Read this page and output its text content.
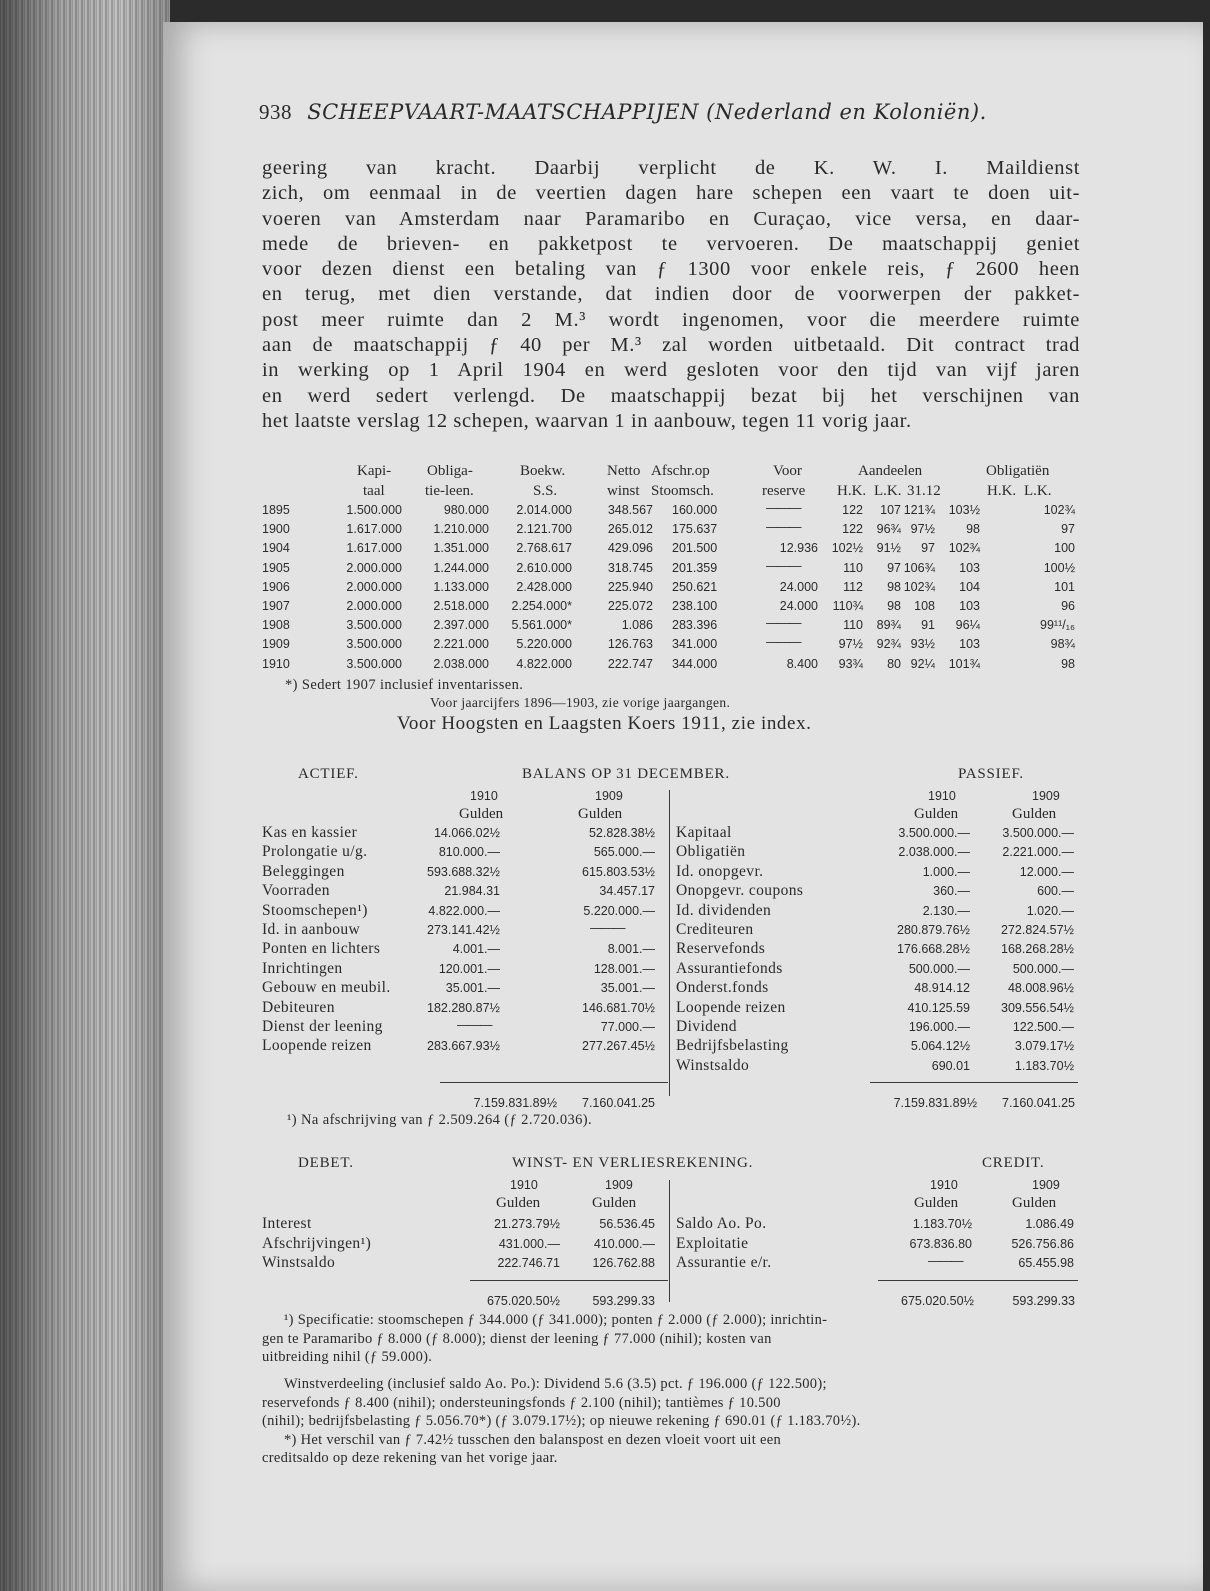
938 SCHEEPVAART-MAATSCHAPPIJEN (Nederland en Koloniën).
geering van kracht. Daarbij verplicht de K. W. I. Maildienst
zich, om eenmaal in de veertien dagen hare schepen een vaart te doen uit-
voeren van Amsterdam naar Paramaribo en Curaçao, vice versa, en daar-
mede de brieven- en pakketpost te vervoeren. De maatschappij geniet
voor dezen dienst een betaling van ƒ 1300 voor enkele reis, ƒ 2600 heen
en terug, met dien verstande, dat indien door de voorwerpen der pakket-
post meer ruimte dan 2 M.³ wordt ingenomen, voor die meerdere ruimte
aan de maatschappij ƒ 40 per M.³ zal worden uitbetaald. Dit contract trad
in werking op 1 April 1904 en werd gesloten voor den tijd van vijf jaren
en werd sedert verlengd. De maatschappij bezat bij het verschijnen van
het laatste verslag 12 schepen, waarvan 1 in aanbouw, tegen 11 vorig jaar.
Kapi-	Obliga-	Boekw.	Netto Afschr.op	Voor	Aandeelen	Obligatiën
taal	tie-leen.	S.S.	winst Stoomsch.	reserve H.K. L.K. 31.12	H.K. L.K.
1895	1.500.000	980.000	2.014.000	348.567 160.000	———	122	107 121¾	103½	102¾
1900	1.617.000	1.210.000	2.121.700	265.012 175.637	———	122	96¾ 97½	98	97
1904	1.617.000	1.351.000	2.768.617	429.096 201.500	12.936	102½	91½	97	102¾	100
1905	2.000.000	1.244.000	2.610.000	318.745 201.359	———	110	97 106¾	103	100½
1906	2.000.000	1.133.000	2.428.000	225.940 250.621	24.000	112	98 102¾	104	101
1907	2.000.000	2.518.000	2.254.000*	225.072 238.100	24.000	110¾	98	108	103	96
1908	3.500.000	2.397.000	5.561.000*	1.086 283.396	———	110	89¾	91	96¼	99¹¹/₁₆
1909	3.500.000	2.221.000	5.220.000	126.763 341.000	———	97½	92¾ 93½	103	98¾
1910	3.500.000	2.038.000	4.822.000	222.747 344.000	8.400	93¾	80 92¼	101¾	98
*) Sedert 1907 inclusief inventarissen.
Voor jaarcijfers 1896—1903, zie vorige jaargangen.
Voor Hoogsten en Laagsten Koers 1911, zie index.
ACTIEF.	BALANS OP 31 DECEMBER.	PASSIEF.
1910	1909
Gulden	Gulden
1910	1909
Gulden	Gulden
Kas en kassier	14.066.02½	52.828.38½
Prolongatie u/g.	810.000.—	565.000.—
Beleggingen	593.688.32½	615.803.53½
Voorraden	21.984.31	34.457.17
Stoomschepen¹)	4.822.000.—	5.220.000.—
Id. in aanbouw	273.141.42½	———
Ponten en lichters	4.001.—	8.001.—
Inrichtingen	120.001.—	128.001.—
Gebouw en meubil.	35.001.—	35.001.—
Debiteuren	182.280.87½	146.681.70½
Dienst der leening	———	77.000.—
Loopende reizen	283.667.93½	277.267.45½
Kapitaal	3.500.000.—	3.500.000.—
Obligatiën	2.038.000.—	2.221.000.—
Id. onopgevr.	1.000.—	12.000.—
Onopgevr. coupons	360.—	600.—
Id. dividenden	2.130.—	1.020.—
Crediteuren	280.879.76½	272.824.57½
Reservefonds	176.668.28½	168.268.28½
Assurantiefonds	500.000.—	500.000.—
Onderst.fonds	48.914.12	48.008.96½
Loopende reizen	410.125.59	309.556.54½
Dividend	196.000.—	122.500.—
Bedrijfsbelasting	5.064.12½	3.079.17½
Winstsaldo	690.01	1.183.70½
7.159.831.89½	7.160.041.25	7.159.831.89½	7.160.041.25
¹) Na afschrijving van ƒ 2.509.264 (ƒ 2.720.036).
DEBET.	WINST- EN VERLIESREKENING.	CREDIT.
1910	1909
Gulden	Gulden
1910	1909
Gulden	Gulden
Interest	21.273.79½	56.536.45
Afschrijvingen¹)	431.000.—	410.000.—
Winstsaldo	222.746.71	126.762.88
Saldo Ao. Po.	1.183.70½	1.086.49
Exploitatie	673.836.80	526.756.86
Assurantie e/r.	———	65.455.98
675.020.50½	593.299.33	675.020.50½	593.299.33
¹) Specificatie: stoomschepen ƒ 344.000 (ƒ 341.000); ponten ƒ 2.000 (ƒ 2.000); inrichtin-
gen te Paramaribo ƒ 8.000 (ƒ 8.000); dienst der leening ƒ 77.000 (nihil); kosten van
uitbreiding nihil (ƒ 59.000).
Winstverdeeling (inclusief saldo Ao. Po.): Dividend 5.6 (3.5) pct. ƒ 196.000 (ƒ 122.500);
reservefonds ƒ 8.400 (nihil); ondersteuningsfonds ƒ 2.100 (nihil); tantièmes ƒ 10.500
(nihil); bedrijfsbelasting ƒ 5.056.70*) (ƒ 3.079.17½); op nieuwe rekening ƒ 690.01 (ƒ 1.183.70½).
*) Het verschil van ƒ 7.42½ tusschen den balanspost en dezen vloeit voort uit een
creditsaldo op deze rekening van het vorige jaar.
